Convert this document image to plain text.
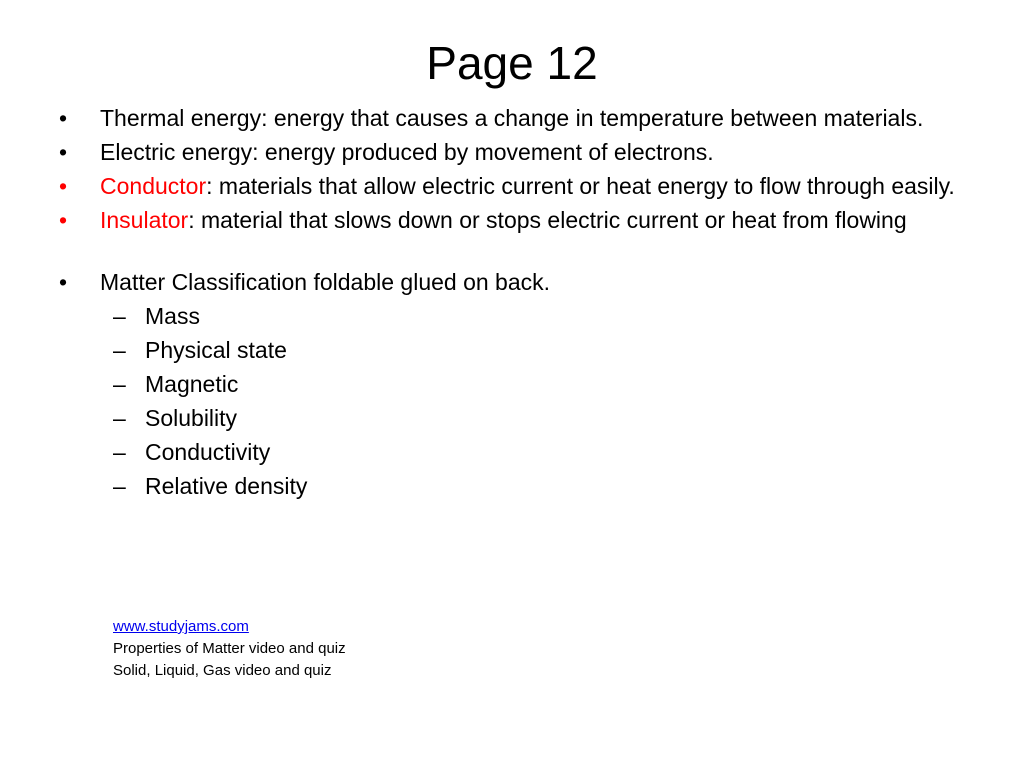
Page 12
• Thermal energy: energy that causes a change in temperature between materials.
• Electric energy: energy produced by movement of electrons.
• Conductor: materials that allow electric current or heat energy to flow through easily.
• Insulator: material that slows down or stops electric current or heat from flowing
• Matter Classification foldable glued on back.
– Mass
– Physical state
– Magnetic
– Solubility
– Conductivity
– Relative density
www.studyjams.com
Properties of Matter video and quiz
Solid, Liquid, Gas video and quiz
